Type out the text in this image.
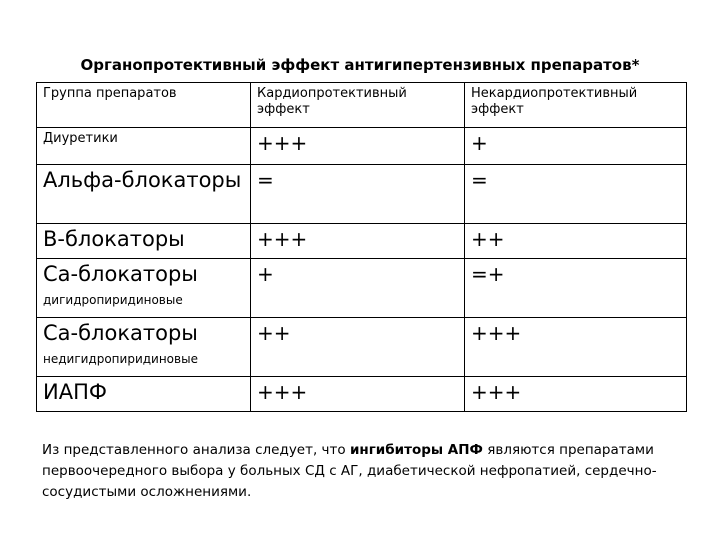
Органопротективный эффект антигипертензивных препаратов*
Группа препаратов	Кардиопротективный эффект	Некардиопротективный эффект
Диуретики	+++	+
Альфа-блокаторы	=	=
В-блокаторы	+++	++
Са-блокаторы
дигидропиридиновые	+	=+
Са-блокаторы
недигидропиридиновые	++	+++
ИАПФ	+++	+++
Из представленного анализа следует, что ингибиторы АПФ являются препаратами первоочередного выбора у больных СД с АГ, диабетической нефропатией, сердечно-сосудистыми осложнениями.
